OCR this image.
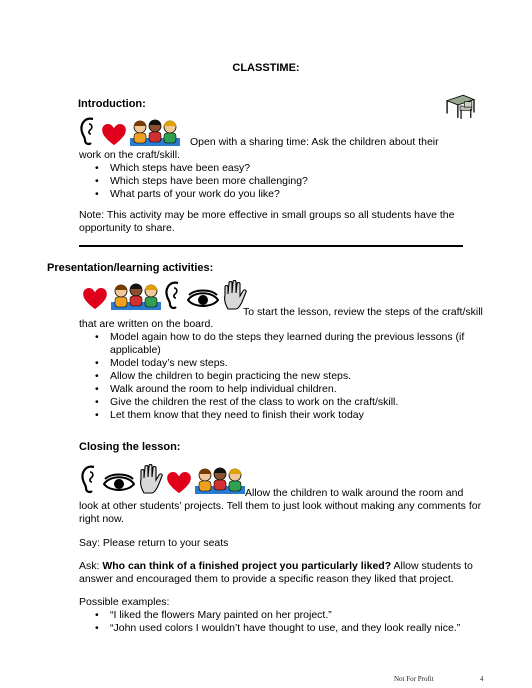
CLASSTIME:
Introduction:
Open with a sharing time: Ask the children about their
work on the craft/skill.
• Which steps have been easy?
• Which steps have been more challenging?
• What parts of your work do you like?
Note: This activity may be more effective in small groups so all students have the
opportunity to share.
Presentation/learning activities:
To start the lesson, review the steps of the craft/skill
that are written on the board.
• Model again how to do the steps they learned during the previous lessons (if
applicable)

• Model today’s new steps.
• Allow the children to begin practicing the new steps.
• Walk around the room to help individual children.
• Give the children the rest of the class to work on the craft/skill.
• Let them know that they need to finish their work today
Closing the lesson:
Allow the children to walk around the room and
look at other students’ projects. Tell them to just look without making any comments for
right now.
Say: Please return to your seats
Ask: Who can think of a finished project you particularly liked? Allow students to
answer and encouraged them to provide a specific reason they liked that project.
Possible examples:
• “I liked the flowers Mary painted on her project.”
• “John used colors I wouldn’t have thought to use, and they look really nice.”
Not For Profit	4
